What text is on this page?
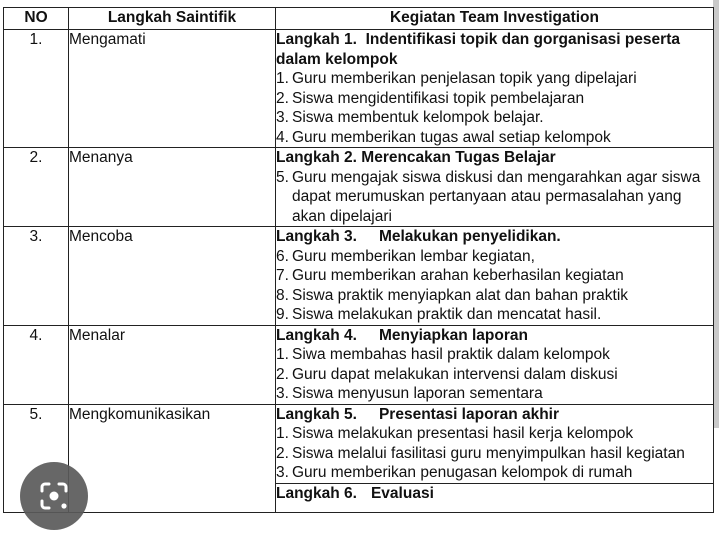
NO	Langkah Saintifik	Kegiatan Team Investigation
1.	Mengamati	Langkah 1. Indentifikasi topik dan gorganisasi peserta dalam kelompok
1. Guru memberikan penjelasan topik yang dipelajari
2. Siswa mengidentifikasi topik pembelajaran
3. Siswa membentuk kelompok belajar.
4. Guru memberikan tugas awal setiap kelompok

2.	Menanya	Langkah 2. Merencakan Tugas Belajar
5. Guru mengajak siswa diskusi dan mengarahkan agar siswa dapat merumuskan pertanyaan atau permasalahan yang akan dipelajari

3.	Mencoba	Langkah 3. Melakukan penyelidikan.
6. Guru memberikan lembar kegiatan,
7. Guru memberikan arahan keberhasilan kegiatan
8. Siswa praktik menyiapkan alat dan bahan praktik
9. Siswa melakukan praktik dan mencatat hasil.

4.	Menalar	Langkah 4. Menyiapkan laporan
1. Siwa membahas hasil praktik dalam kelompok
2. Guru dapat melakukan intervensi dalam diskusi
3. Siswa menyusun laporan sementara

5.	Mengkomunikasikan	Langkah 5. Presentasi laporan akhir
1. Siswa melakukan presentasi hasil kerja kelompok
2. Siswa melalui fasilitasi guru menyimpulkan hasil kegiatan
3. Guru memberikan penugasan kelompok di rumah

		Langkah 6. Evaluasi
